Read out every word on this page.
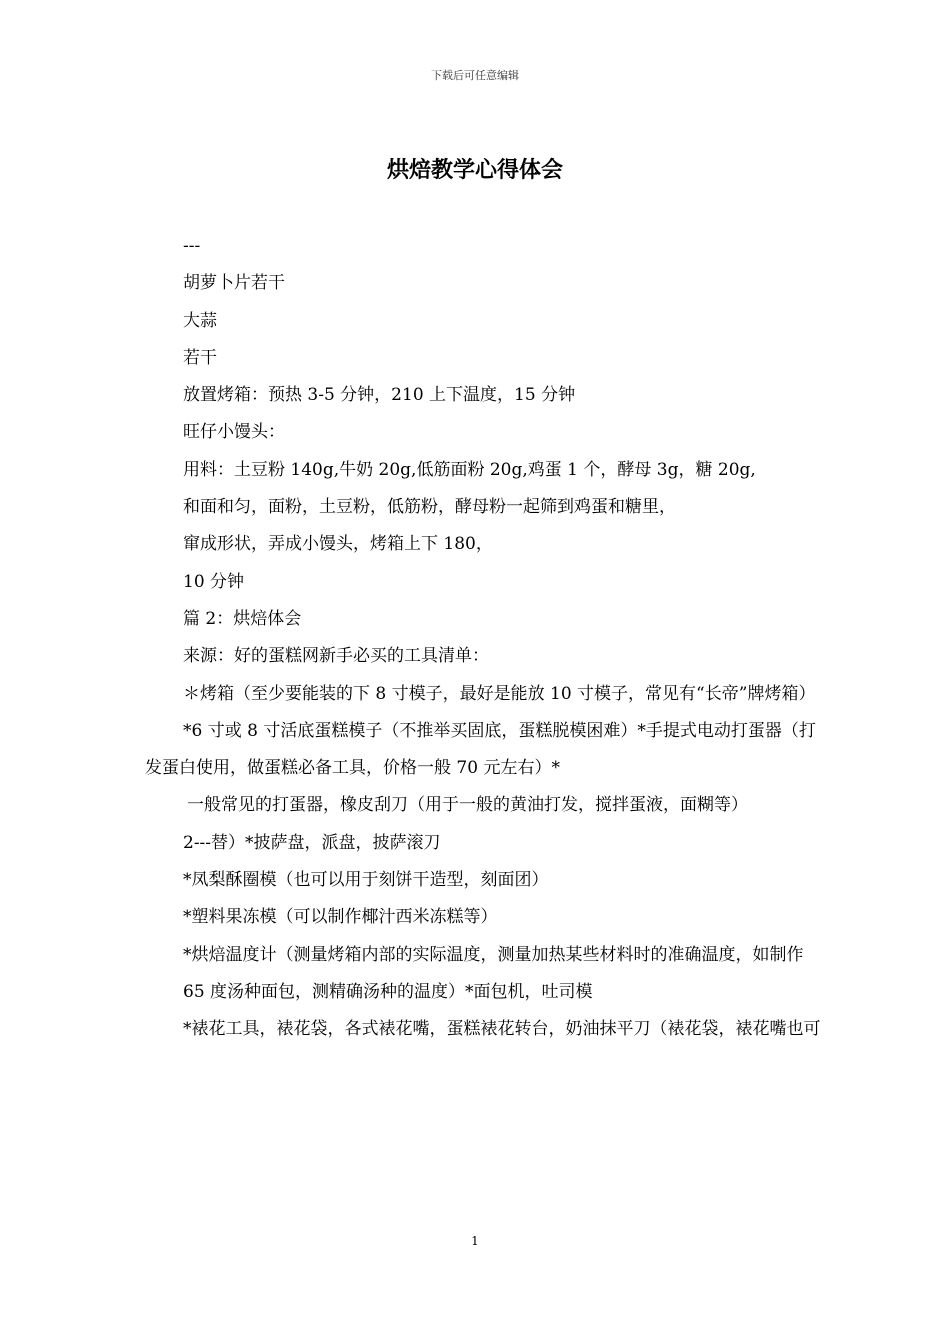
下载后可任意编辑
烘焙教学心得体会

---

胡萝卜片若干

大蒜

若干

放置烤箱：预热 3-5 分钟，210 上下温度，15 分钟

旺仔小馒头：

用料：土豆粉 140g,牛奶 20g,低筋面粉 20g,鸡蛋 1 个，酵母 3g，糖 20g,

和面和匀，面粉，土豆粉，低筋粉，酵母粉一起筛到鸡蛋和糖里，

窜成形状，弄成小馒头，烤箱上下 180，

10 分钟

篇 2：烘焙体会

来源：好的蛋糕网新手必买的工具清单：

＊烤箱（至少要能装的下 8 寸模子，最好是能放 10 寸模子，常见有“长帝”牌烤箱）

*6 寸或 8 寸活底蛋糕模子（不推举买固底，蛋糕脱模困难）*手提式电动打蛋器（打发蛋白使用，做蛋糕必备工具，价格一般 70 元左右）*

一般常见的打蛋器，橡皮刮刀（用于一般的黄油打发，搅拌蛋液，面糊等）

2---替）*披萨盘，派盘，披萨滚刀

*凤梨酥圈模（也可以用于刻饼干造型，刻面团）

*塑料果冻模（可以制作椰汁西米冻糕等）

*烘焙温度计（测量烤箱内部的实际温度，测量加热某些材料时的准确温度，如制作

65 度汤种面包，测精确汤种的温度）*面包机，吐司模

*裱花工具，裱花袋，各式裱花嘴，蛋糕裱花转台，奶油抹平刀（裱花袋，裱花嘴也可

1
